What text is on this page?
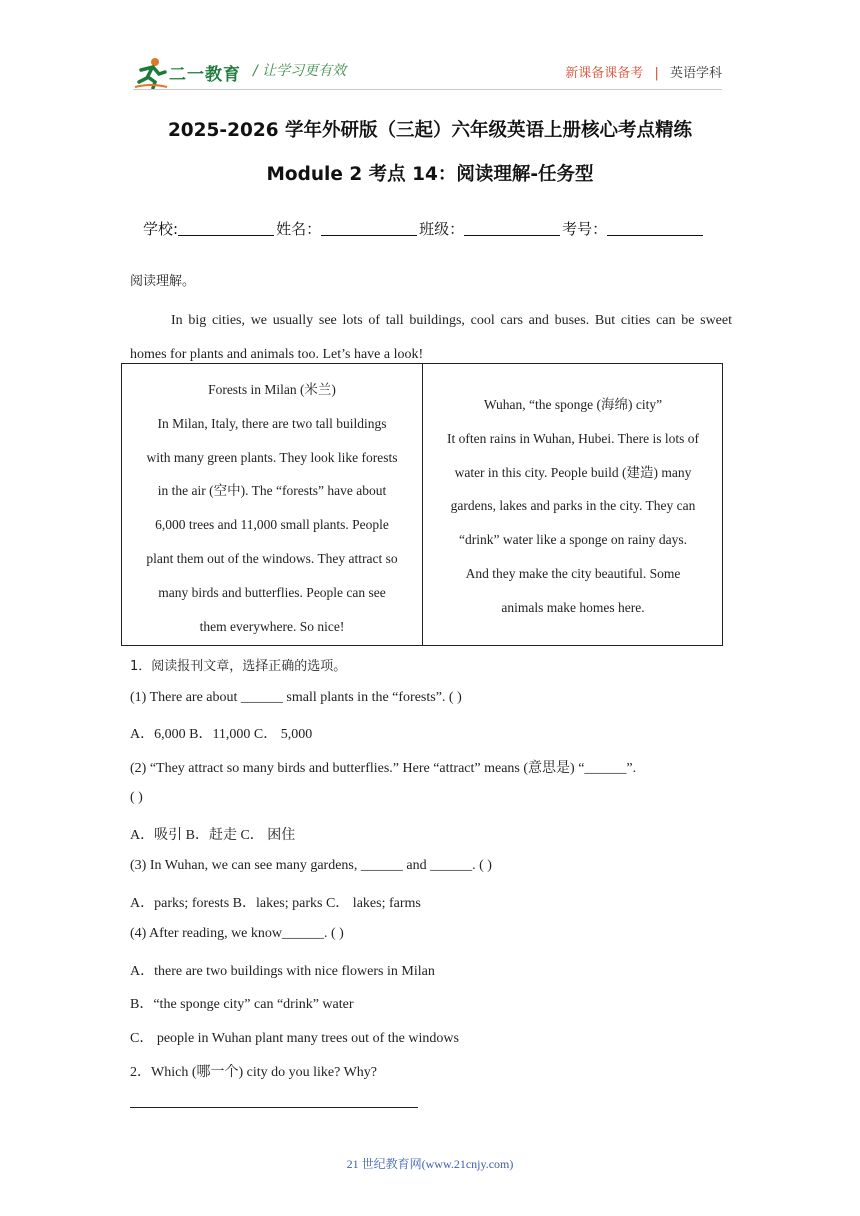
二一教育 / 让学习更有效	新课备课备考 | 英语学科
2025-2026 学年外研版（三起）六年级英语上册核心考点精练
Module 2 考点 14：阅读理解-任务型
学校:	姓名：	班级：	考号：
阅读理解。
In big cities, we usually see lots of tall buildings, cool cars and buses. But cities can be sweet homes for plants and animals too. Let’s have a look!
Forests in Milan (米兰)
In Milan, Italy, there are two tall buildings
with many green plants. They look like forests
in the air (空中). The “forests” have about
6,000 trees and 11,000 small plants. People
plant them out of the windows. They attract so
many birds and butterflies. People can see
them everywhere. So nice!
Wuhan, “the sponge (海绵) city”
It often rains in Wuhan, Hubei. There is lots of
water in this city. People build (建造) many
gardens, lakes and parks in the city. They can
“drink” water like a sponge on rainy days.
And they make the city beautiful. Some
animals make homes here.
1．阅读报刊文章，选择正确的选项。
(1) There are about ______ small plants in the “forests”. ( )
A．6,000 B．11,000 C． 5,000
(2) “They attract so many birds and butterflies.” Here “attract” means (意思是) “______”.
( )
A．吸引 B．赶走 C． 困住
(3) In Wuhan, we can see many gardens, ______ and ______. ( )
A．parks; forests B．lakes; parks C． lakes; farms
(4) After reading, we know______. ( )
A．there are two buildings with nice flowers in Milan
B．“the sponge city” can “drink” water
C． people in Wuhan plant many trees out of the windows
2．Which (哪一个) city do you like? Why?
21 世纪教育网(www.21cnjy.com)
